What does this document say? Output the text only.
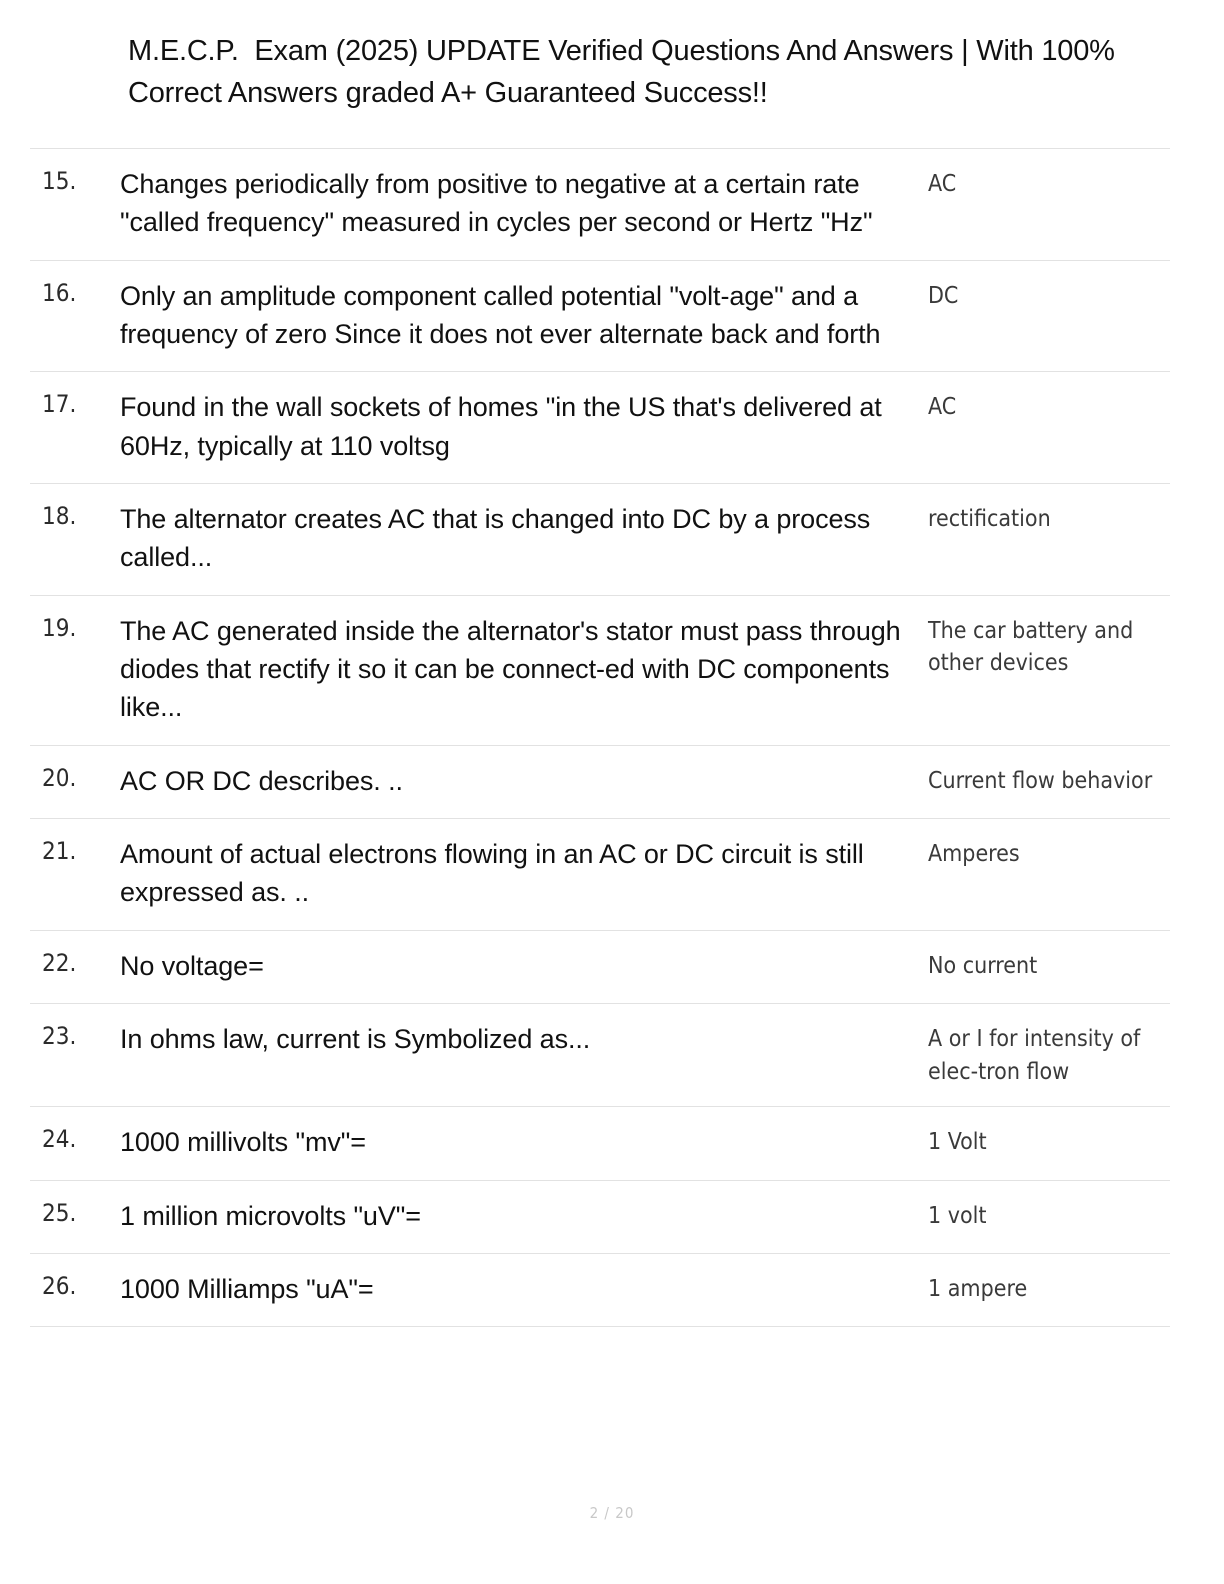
M.E.C.P.  Exam (2025) UPDATE Verified Questions And Answers | With 100% Correct Answers graded A+ Guaranteed Success!!
15.	Changes periodically from positive to negative at a certain rate "called frequency" measured in cycles per second or Hertz "Hz"	AC
16.	Only an amplitude component called potential "volt-age" and a frequency of zero Since it does not ever alternate back and forth	DC
17.	Found in the wall sockets of homes "in the US that's delivered at 60Hz, typically at 110 voltsg	AC
18.	The alternator creates AC that is changed into DC by a process called...	rectification
19.	The AC generated inside the alternator's stator must pass through diodes that rectify it so it can be connect-ed with DC components like...	The car battery and other devices
20.	AC OR DC describes. ..	Current flow behavior
21.	Amount of actual electrons flowing in an AC or DC circuit is still expressed as. ..	Amperes
22.	No voltage=	No current
23.	In ohms law, current is Symbolized as...	A or I for intensity of elec-tron flow
24.	1000 millivolts "mv"=	1 Volt
25.	1 million microvolts "uV"=	1 volt
26.	1000 Milliamps "uA"=	1 ampere
2 / 20
